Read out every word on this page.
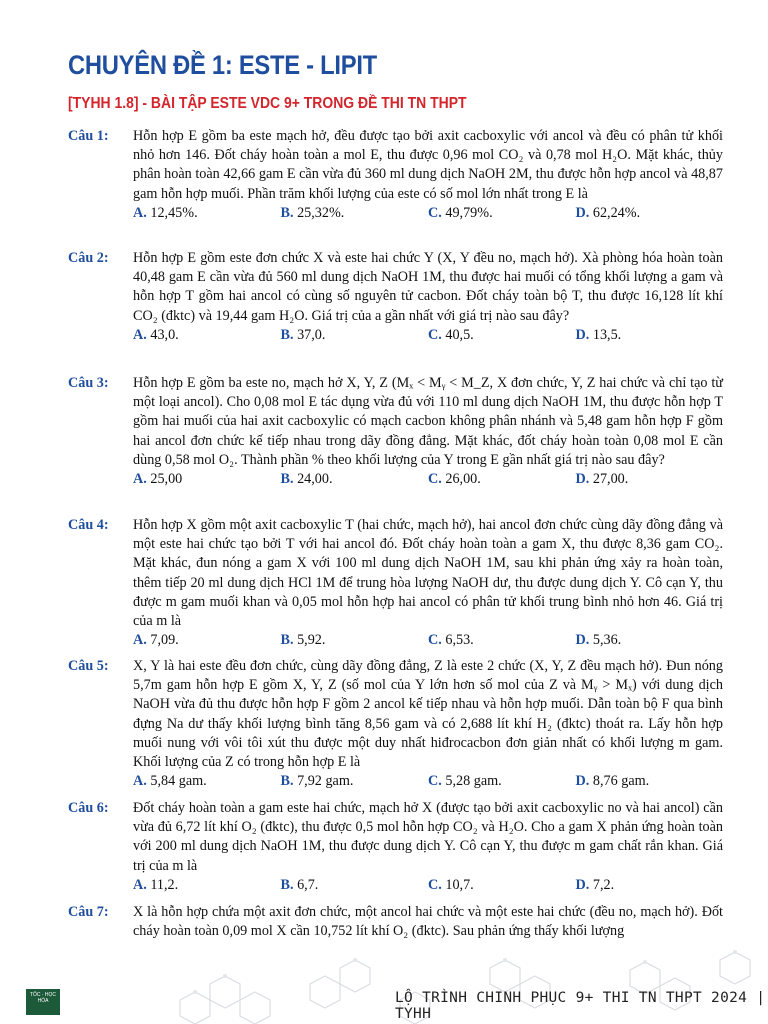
CHUYÊN ĐỀ 1: ESTE - LIPIT
[TYHH 1.8] - BÀI TẬP ESTE VDC 9+ TRONG ĐỀ THI TN THPT
Câu 1: Hỗn hợp E gồm ba este mạch hở, đều được tạo bởi axit cacboxylic với ancol và đều có phân tử khối nhỏ hơn 146. Đốt cháy hoàn toàn a mol E, thu được 0,96 mol CO₂ và 0,78 mol H₂O. Mặt khác, thủy phân hoàn toàn 42,66 gam E cần vừa đủ 360 ml dung dịch NaOH 2M, thu được hỗn hợp ancol và 48,87 gam hỗn hợp muối. Phần trăm khối lượng của este có số mol lớn nhất trong E là
A. 12,45%.	B. 25,32%.	C. 49,79%.	D. 62,24%.
Câu 2: Hỗn hợp E gồm este đơn chức X và este hai chức Y (X, Y đều no, mạch hở). Xà phòng hóa hoàn toàn 40,48 gam E cần vừa đủ 560 ml dung dịch NaOH 1M, thu được hai muối có tổng khối lượng a gam và hỗn hợp T gồm hai ancol có cùng số nguyên tử cacbon. Đốt cháy toàn bộ T, thu được 16,128 lít khí CO₂ (đktc) và 19,44 gam H₂O. Giá trị của a gần nhất với giá trị nào sau đây?
A. 43,0.	B. 37,0.	C. 40,5.	D. 13,5.
Câu 3: Hỗn hợp E gồm ba este no, mạch hở X, Y, Z (Mₓ < Mᵧ < M_Z, X đơn chức, Y, Z hai chức và chỉ tạo từ một loại ancol). Cho 0,08 mol E tác dụng vừa đủ với 110 ml dung dịch NaOH 1M, thu được hỗn hợp T gồm hai muối của hai axit cacboxylic có mạch cacbon không phân nhánh và 5,48 gam hỗn hợp F gồm hai ancol đơn chức kế tiếp nhau trong dãy đồng đẳng. Mặt khác, đốt cháy hoàn toàn 0,08 mol E cần dùng 0,58 mol O₂. Thành phần % theo khối lượng của Y trong E gần nhất giá trị nào sau đây?
A. 25,00	B. 24,00.	C. 26,00.	D. 27,00.
Câu 4: Hỗn hợp X gồm một axit cacboxylic T (hai chức, mạch hở), hai ancol đơn chức cùng dãy đồng đẳng và một este hai chức tạo bởi T với hai ancol đó. Đốt cháy hoàn toàn a gam X, thu được 8,36 gam CO₂. Mặt khác, đun nóng a gam X với 100 ml dung dịch NaOH 1M, sau khi phản ứng xảy ra hoàn toàn, thêm tiếp 20 ml dung dịch HCl 1M để trung hòa lượng NaOH dư, thu được dung dịch Y. Cô cạn Y, thu được m gam muối khan và 0,05 mol hỗn hợp hai ancol có phân tử khối trung bình nhỏ hơn 46. Giá trị của m là
A. 7,09.	B. 5,92.	C. 6,53.	D. 5,36.
Câu 5: X, Y là hai este đều đơn chức, cùng dãy đồng đẳng, Z là este 2 chức (X, Y, Z đều mạch hở). Đun nóng 5,7m gam hỗn hợp E gồm X, Y, Z (số mol của Y lớn hơn số mol của Z và Mᵧ > Mₓ) với dung dịch NaOH vừa đủ thu được hỗn hợp F gồm 2 ancol kế tiếp nhau và hỗn hợp muối. Dẫn toàn bộ F qua bình đựng Na dư thấy khối lượng bình tăng 8,56 gam và có 2,688 lít khí H₂ (đktc) thoát ra. Lấy hỗn hợp muối nung với vôi tôi xút thu được một duy nhất hiđrocacbon đơn giản nhất có khối lượng m gam. Khối lượng của Z có trong hỗn hợp E là
A. 5,84 gam.	B. 7,92 gam.	C. 5,28 gam.	D. 8,76 gam.
Câu 6: Đốt cháy hoàn toàn a gam este hai chức, mạch hở X (được tạo bởi axit cacboxylic no và hai ancol) cần vừa đủ 6,72 lít khí O₂ (đktc), thu được 0,5 mol hỗn hợp CO₂ và H₂O. Cho a gam X phản ứng hoàn toàn với 200 ml dung dịch NaOH 1M, thu được dung dịch Y. Cô cạn Y, thu được m gam chất rắn khan. Giá trị của m là
A. 11,2.	B. 6,7.	C. 10,7.	D. 7,2.
Câu 7: X là hỗn hợp chứa một axit đơn chức, một ancol hai chức và một este hai chức (đều no, mạch hở). Đốt cháy hoàn toàn 0,09 mol X cần 10,752 lít khí O₂ (đktc). Sau phản ứng thấy khối lượng
TÔC · HỌC HÓA	LỘ TRÌNH CHINH PHỤC 9+ THI TN THPT 2024 | TYHH
